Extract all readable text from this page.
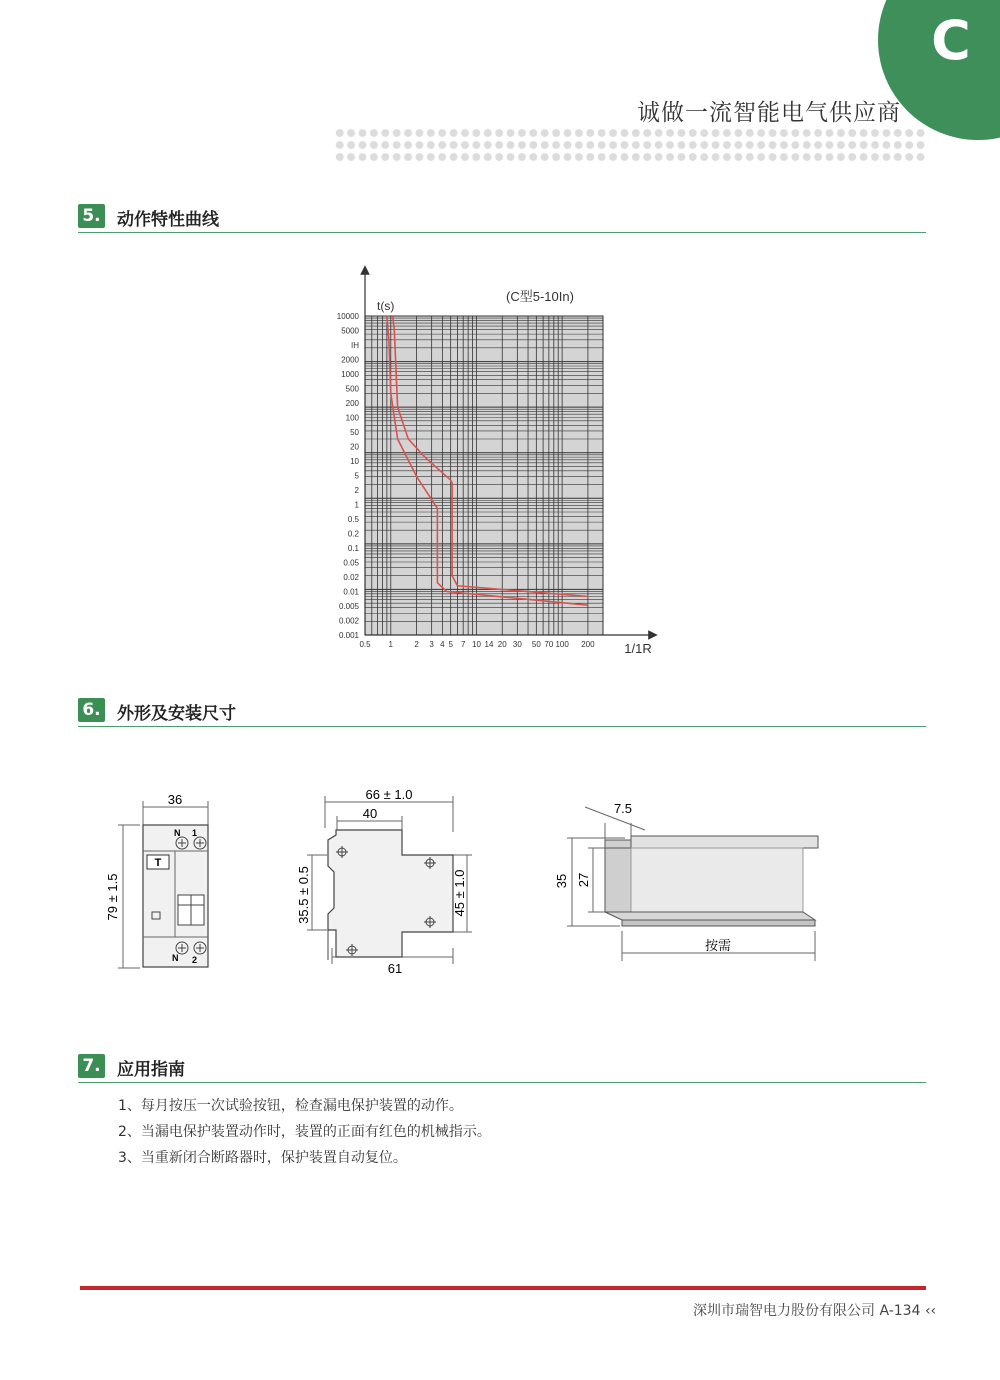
C
诚做一流智能电气供应商
5. 动作特性曲线
10000
5000
IH
2000
1000
500
200
100
50
20
10
5
2
1
0.5
0.2
0.1
0.05
0.02
0.01
0.005
0.002
0.001
0.5 1	2 3 4 5 7 10 14 20 30 50 70 100 200
(C型5-10In)
t(s)
1/1R
6. 外形及安装尺寸
T
N 1
N 2
36
79 ± 1.5
66 ± 1.0
40
35.5 ± 0.5	45 ± 1.0
61
7.5
35 27
按需
7. 应用指南
1、每月按压一次试验按钮，检查漏电保护装置的动作。
2、当漏电保护装置动作时，装置的正面有红色的机械指示。
3、当重新闭合断路器时，保护装置自动复位。
深圳市瑞智电力股份有限公司 A-134 ‹‹
